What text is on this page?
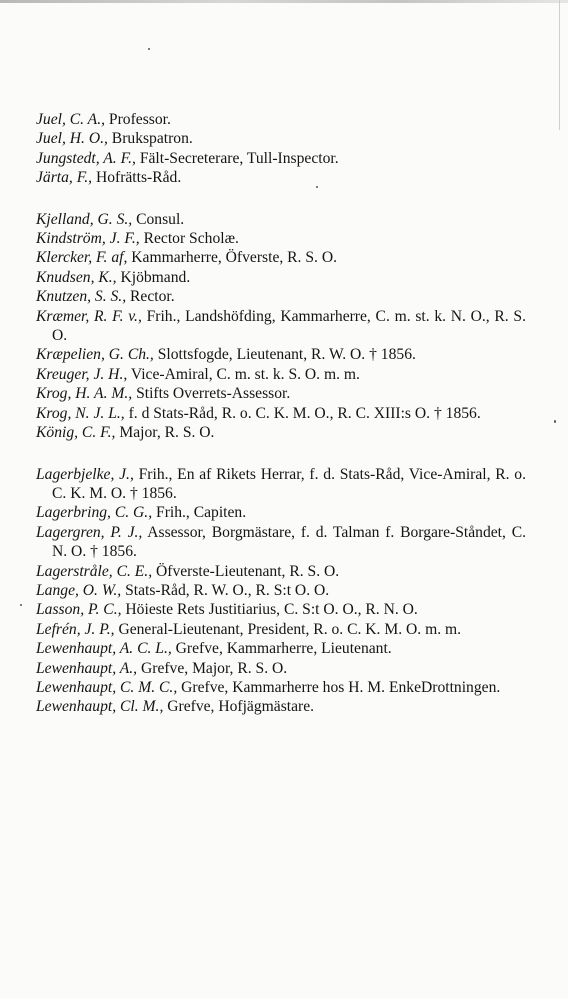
Juel, C. A., Professor.
Juel, H. O., Brukspatron.
Jungstedt, A. F., Fält-Secreterare, Tull-Inspector.
Järta, F., Hofrätts-Råd.
Kjelland, G. S., Consul.
Kindström, J. F., Rector Scholæ.
Klercker, F. af, Kammarherre, Öfverste, R. S. O.
Knudsen, K., Kjöbmand.
Knutzen, S. S., Rector.
Kræmer, R. F. v., Frih., Landshöfding, Kammarherre, C. m. st. k. N. O., R. S. O.
Kræpelien, G. Ch., Slottsfogde, Lieutenant, R. W. O. † 1856.
Kreuger, J. H., Vice-Amiral, C. m. st. k. S. O. m. m.
Krog, H. A. M., Stifts Overrets-Assessor.
Krog, N. J. L., f. d Stats-Råd, R. o. C. K. M. O., R. C. XIII:s O. † 1856.
König, C. F., Major, R. S. O.
Lagerbjelke, J., Frih., En af Rikets Herrar, f. d. Stats-Råd, Vice-Amiral, R. o. C. K. M. O. † 1856.
Lagerbring, C. G., Frih., Capiten.
Lagergren, P. J., Assessor, Borgmästare, f. d. Talman f. Borgare-Ståndet, C. N. O. † 1856.
Lagerstråle, C. E., Öfverste-Lieutenant, R. S. O.
Lange, O. W., Stats-Råd, R. W. O., R. S:t O. O.
Lasson, P. C., Höieste Rets Justitiarius, C. S:t O. O., R. N. O.
Lefrén, J. P., General-Lieutenant, President, R. o. C. K. M. O. m. m.
Lewenhaupt, A. C. L., Grefve, Kammarherre, Lieutenant.
Lewenhaupt, A., Grefve, Major, R. S. O.
Lewenhaupt, C. M. C., Grefve, Kammarherre hos H. M. EnkeDrottningen.
Lewenhaupt, Cl. M., Grefve, Hofjägmästare.
